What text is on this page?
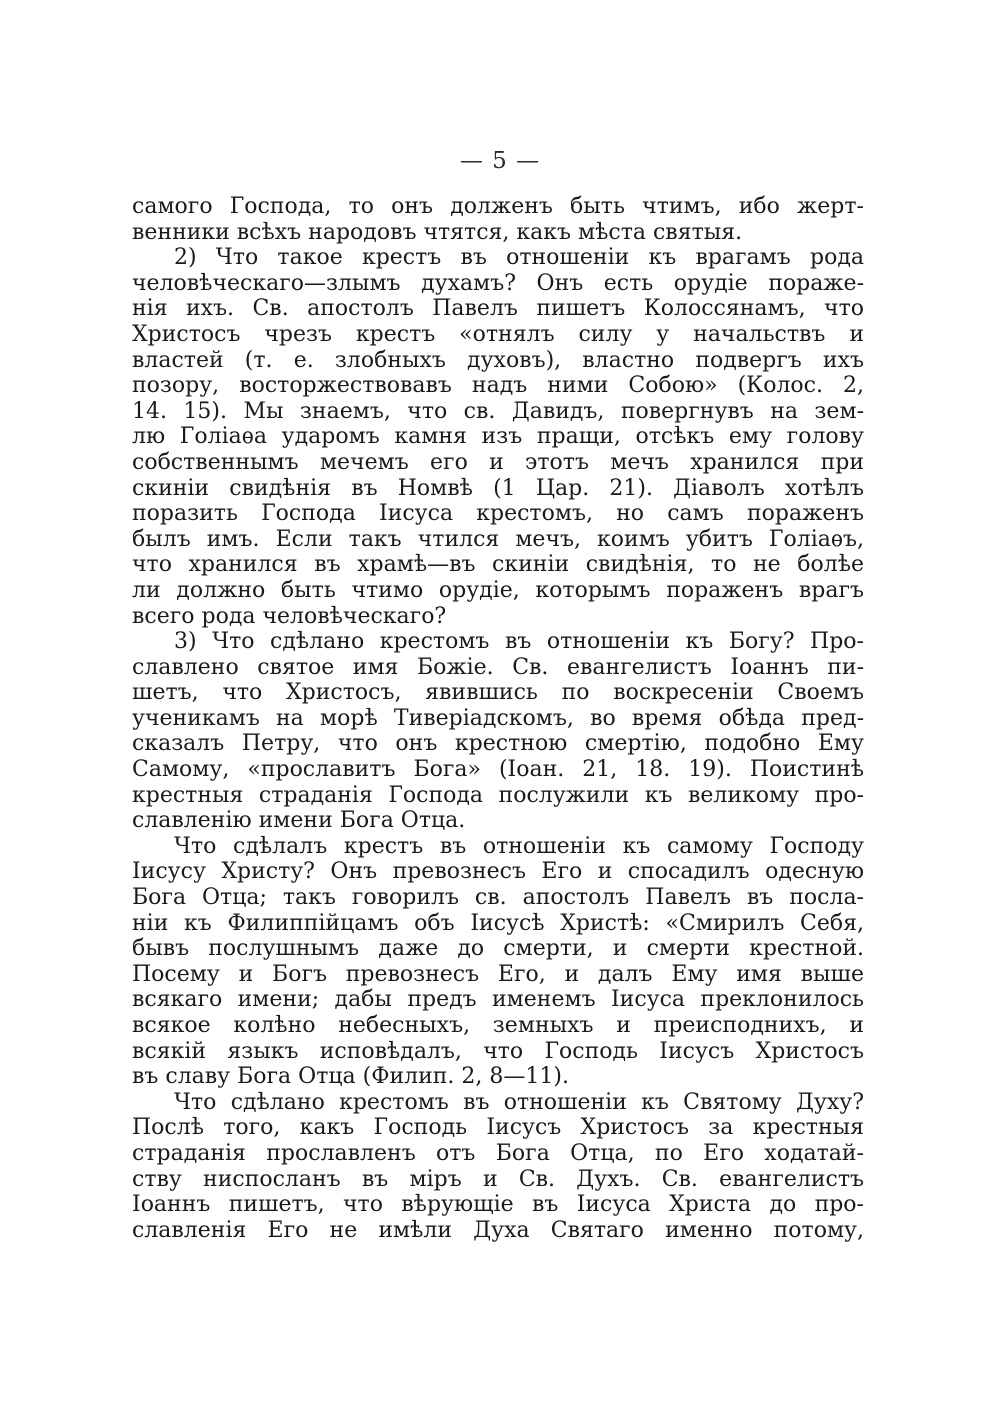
— 5 —
самого Господа, то онъ долженъ быть чтимъ, ибо жерт-
венники всѣхъ народовъ чтятся, какъ мѣста святыя.
2) Что такое крестъ въ отношеніи къ врагамъ рода
человѣческаго—злымъ духамъ? Онъ есть орудіе пораже-
нія ихъ. Св. апостолъ Павелъ пишетъ Колоссянамъ, что
Христосъ чрезъ крестъ «отнялъ силу у начальствъ и
властей (т. е. злобныхъ духовъ), властно подвергъ ихъ
позору, восторжествовавъ надъ ними Собою» (Колос. 2,
14. 15). Мы знаемъ, что св. Давидъ, повергнувъ на зем-
лю Голіаѳа ударомъ камня изъ пращи, отсѣкъ ему голову
собственнымъ мечемъ его и этотъ мечъ хранился при
скиніи свидѣнія въ Номвѣ (1 Цар. 21). Діаволъ хотѣлъ
поразить Господа Іисуса крестомъ, но самъ пораженъ
былъ имъ. Если такъ чтился мечъ, коимъ убитъ Голіаѳъ,
что хранился въ храмѣ—въ скиніи свидѣнія, то не болѣе
ли должно быть чтимо орудіе, которымъ пораженъ врагъ
всего рода человѣческаго?
3) Что сдѣлано крестомъ въ отношеніи къ Богу? Про-
славлено святое имя Божіе. Св. евангелистъ Іоаннъ пи-
шетъ, что Христосъ, явившись по воскресеніи Своемъ
ученикамъ на морѣ Тиверіадскомъ, во время обѣда пред-
сказалъ Петру, что онъ крестною смертію, подобно Ему
Самому, «прославитъ Бога» (Іоан. 21, 18. 19). Поистинѣ
крестныя страданія Господа послужили къ великому про-
славленію имени Бога Отца.
Что сдѣлалъ крестъ въ отношеніи къ самому Господу
Іисусу Христу? Онъ превознесъ Его и спосадилъ одесную
Бога Отца; такъ говорилъ св. апостолъ Павелъ въ посла-
ніи къ Филиппійцамъ объ Іисусѣ Христѣ: «Смирилъ Себя,
бывъ послушнымъ даже до смерти, и смерти крестной.
Посему и Богъ превознесъ Его, и далъ Ему имя выше
всякаго имени; дабы предъ именемъ Іисуса преклонилось
всякое колѣно небесныхъ, земныхъ и преисподнихъ, и
всякій языкъ исповѣдалъ, что Господь Іисусъ Христосъ
въ славу Бога Отца (Филип. 2, 8—11).
Что сдѣлано крестомъ въ отношеніи къ Святому Духу?
Послѣ того, какъ Господь Іисусъ Христосъ за крестныя
страданія прославленъ отъ Бога Отца, по Его ходатай-
ству ниспосланъ въ міръ и Св. Духъ. Св. евангелистъ
Іоаннъ пишетъ, что вѣрующіе въ Іисуса Христа до про-
славленія Его не имѣли Духа Святаго именно потому,
